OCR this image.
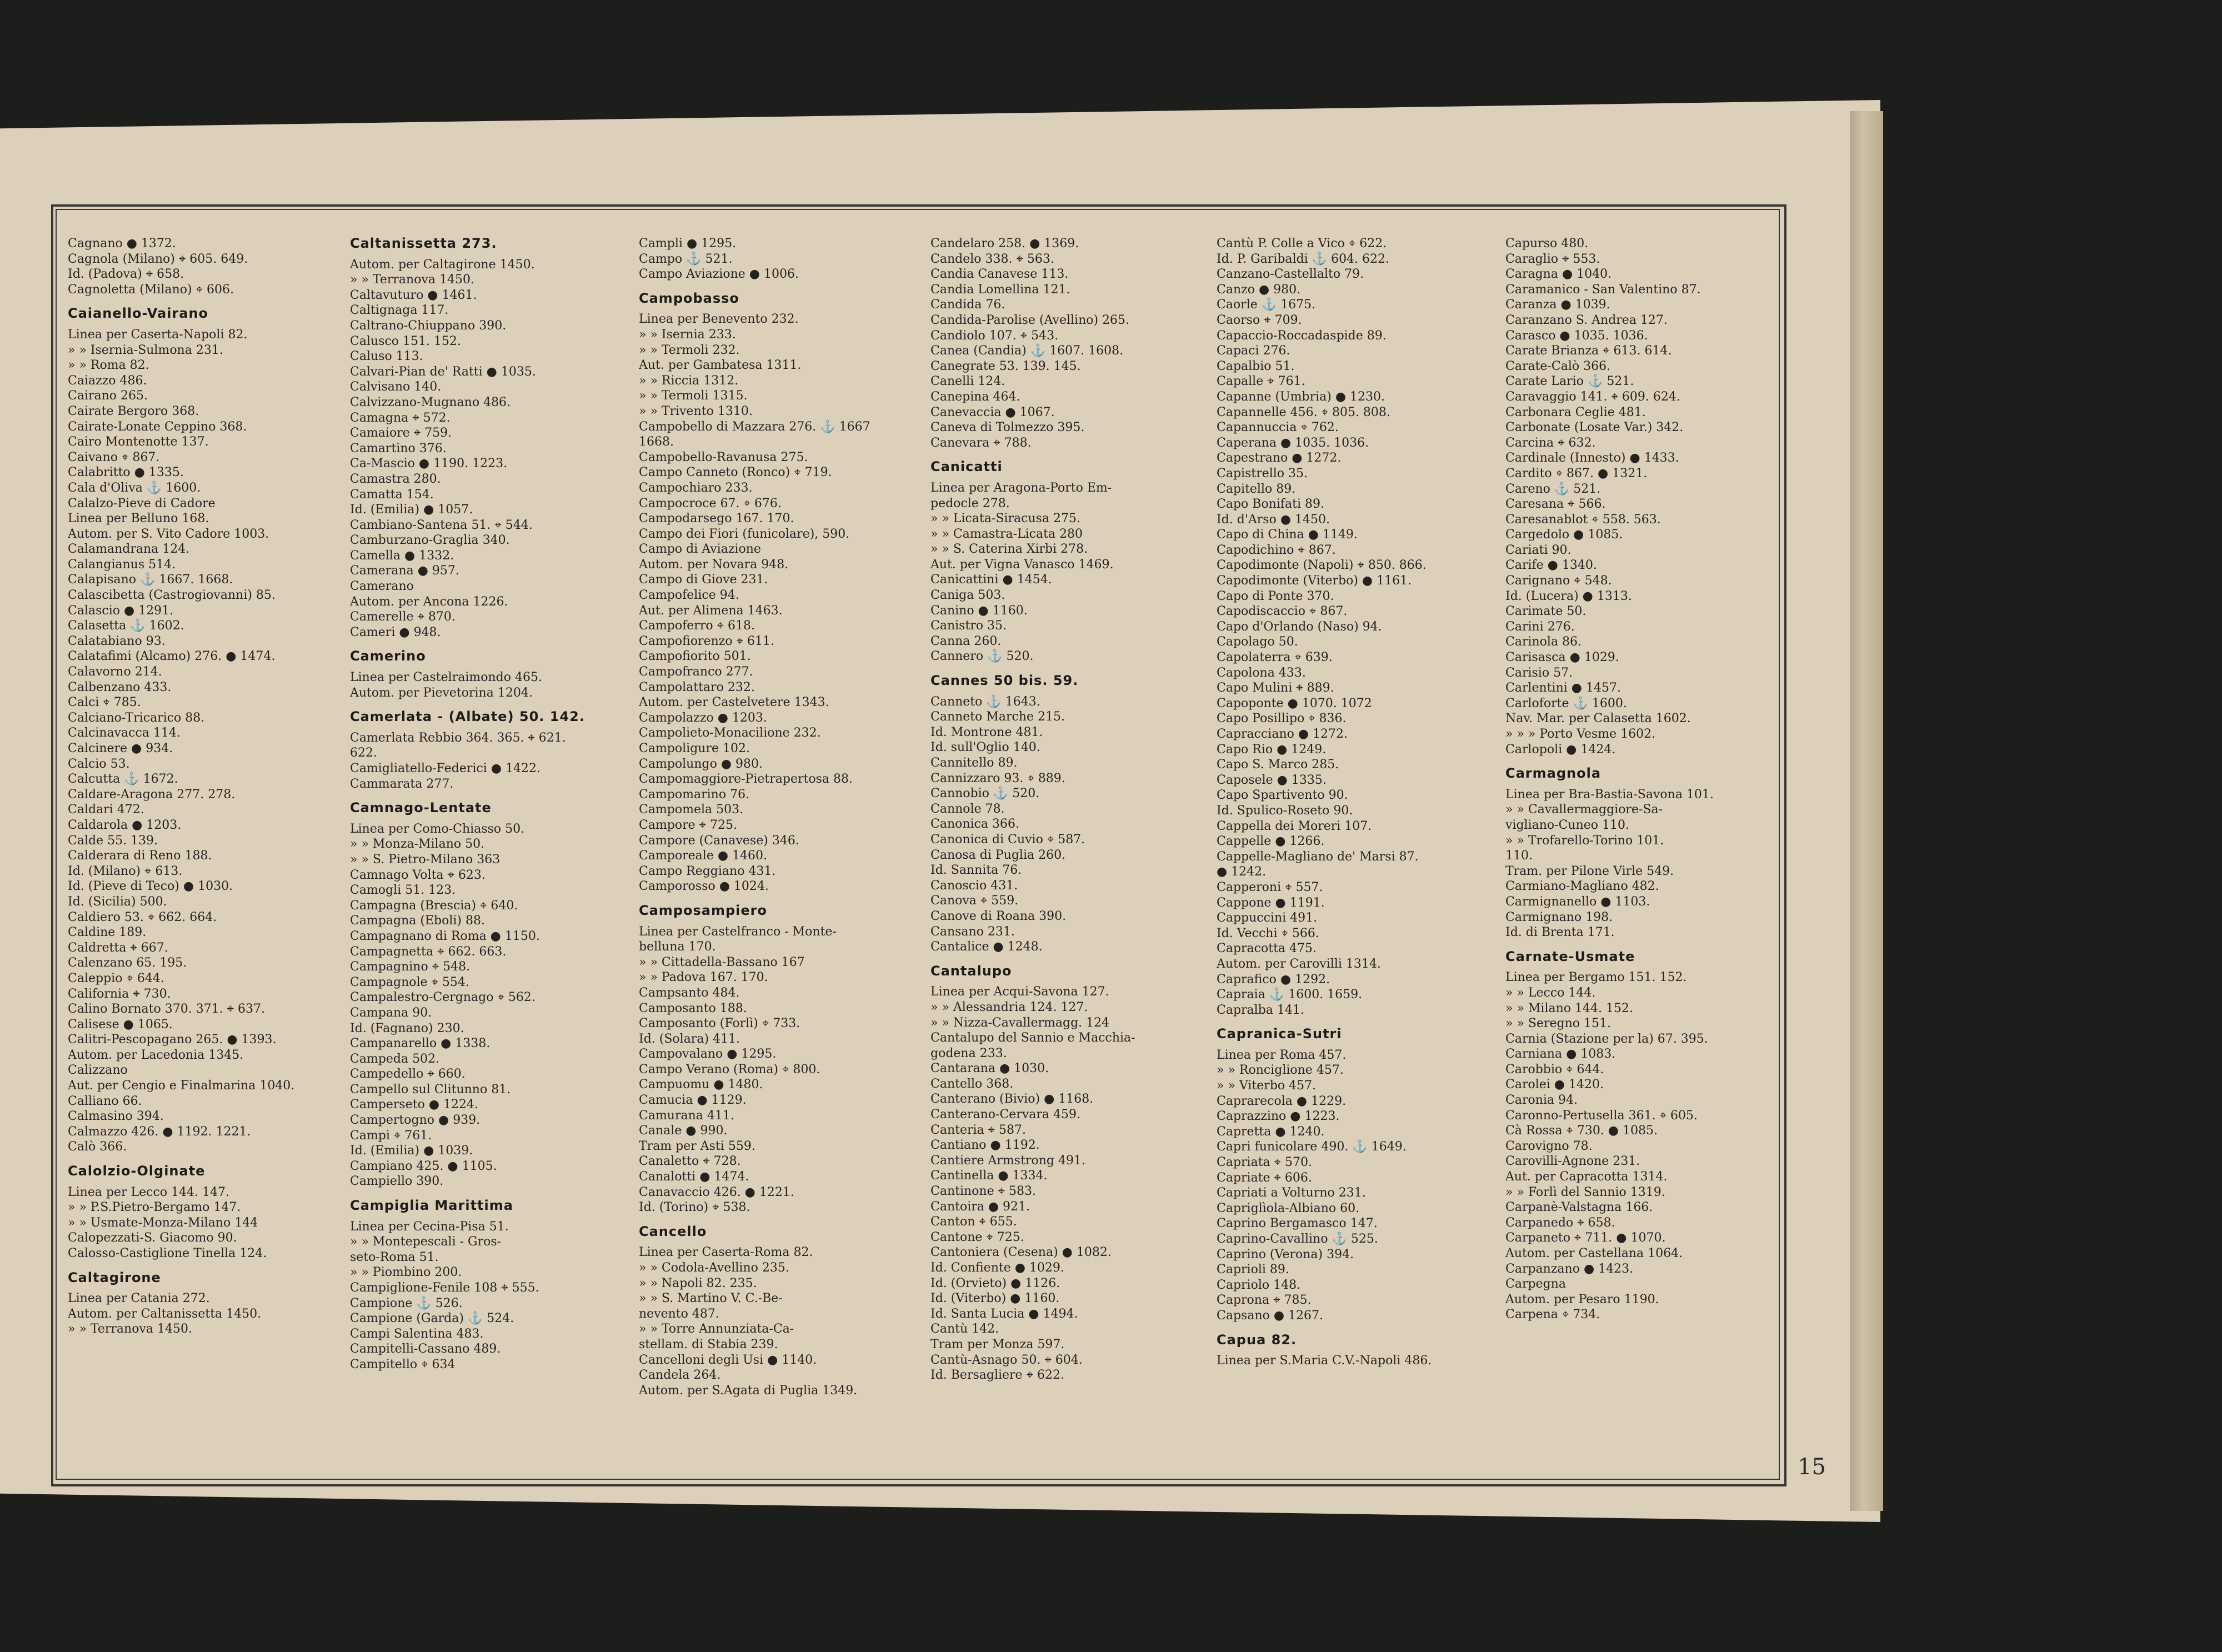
Cagnano ● 1372.
Cagnola (Milano) ⌖ 605. 649.
Id. (Padova) ⌖ 658.
Cagnoletta (Milano) ⌖ 606.
Caianello-Vairano
Linea per Caserta-Napoli 82.
» » Isernia-Sulmona 231.
» » Roma 82.
Caiazzo 486.
Cairano 265.
Cairate Bergoro 368.
Cairate-Lonate Ceppino 368.
Cairo Montenotte 137.
Caivano ⌖ 867.
Calabritto ● 1335.
Cala d'Oliva ⚓ 1600.
Calalzo-Pieve di Cadore
Linea per Belluno 168.
Autom. per S. Vito Cadore 1003.
Calamandrana 124.
Calangianus 514.
Calapisano ⚓ 1667. 1668.
Calascibetta (Castrogiovanni) 85.
Calascio ● 1291.
Calasetta ⚓ 1602.
Calatabiano 93.
Calatafimi (Alcamo) 276. ● 1474.
Calavorno 214.
Calbenzano 433.
Calci ⌖ 785.
Calciano-Tricarico 88.
Calcinavacca 114.
Calcinere ● 934.
Calcio 53.
Calcutta ⚓ 1672.
Caldare-Aragona 277. 278.
Caldari 472.
Caldarola ● 1203.
Calde 55. 139.
Calderara di Reno 188.
Id. (Milano) ⌖ 613.
Id. (Pieve di Teco) ● 1030.
Id. (Sicilia) 500.
Caldiero 53. ⌖ 662. 664.
Caldine 189.
Caldretta ⌖ 667.
Calenzano 65. 195.
Caleppio ⌖ 644.
California ⌖ 730.
Calino Bornato 370. 371. ⌖ 637.
Calisese ● 1065.
Calitri-Pescopagano 265. ● 1393.
Autom. per Lacedonia 1345.
Calizzano
Aut. per Cengio e Finalmarina 1040.
Calliano 66.
Calmasino 394.
Calmazzo 426. ● 1192. 1221.
Calò 366.
Calolzio-Olginate
Linea per Lecco 144. 147.
» » P.S.Pietro-Bergamo 147.
» » Usmate-Monza-Milano 144
Calopezzati-S. Giacomo 90.
Calosso-Castiglione Tinella 124.
Caltagirone
Linea per Catania 272.
Autom. per Caltanissetta 1450.
» » Terranova 1450.
Caltanissetta 273.
Autom. per Caltagirone 1450.
» » Terranova 1450.
Caltavuturo ● 1461.
Caltignaga 117.
Caltrano-Chiuppano 390.
Calusco 151. 152.
Caluso 113.
Calvari-Pian de' Ratti ● 1035.
Calvisano 140.
Calvizzano-Mugnano 486.
Camagna ⌖ 572.
Camaiore ⌖ 759.
Camartino 376.
Ca-Mascio ● 1190. 1223.
Camastra 280.
Camatta 154.
Id. (Emilia) ● 1057.
Cambiano-Santena 51. ⌖ 544.
Camburzano-Graglia 340.
Camella ● 1332.
Camerana ● 957.
Camerano
Autom. per Ancona 1226.
Camerelle ⌖ 870.
Cameri ● 948.
Camerino
Linea per Castelraimondo 465.
Autom. per Pievetorina 1204.
Camerlata - (Albate) 50. 142.
Camerlata Rebbio 364. 365. ⌖ 621.
622.
Camigliatello-Federici ● 1422.
Cammarata 277.
Camnago-Lentate
Linea per Como-Chiasso 50.
» » Monza-Milano 50.
» » S. Pietro-Milano 363
Camnago Volta ⌖ 623.
Camogli 51. 123.
Campagna (Brescia) ⌖ 640.
Campagna (Eboli) 88.
Campagnano di Roma ● 1150.
Campagnetta ⌖ 662. 663.
Campagnino ⌖ 548.
Campagnole ⌖ 554.
Campalestro-Cergnago ⌖ 562.
Campana 90.
Id. (Fagnano) 230.
Campanarello ● 1338.
Campeda 502.
Campedello ⌖ 660.
Campello sul Clitunno 81.
Camperseto ● 1224.
Campertogno ● 939.
Campi ⌖ 761.
Id. (Emilia) ● 1039.
Campiano 425. ● 1105.
Campiello 390.
Campiglia Marittima
Linea per Cecina-Pisa 51.
» » Montepescali - Gros-
seto-Roma 51.
» » Piombino 200.
Campiglione-Fenile 108 ⌖ 555.
Campione ⚓ 526.
Campione (Garda) ⚓ 524.
Campi Salentina 483.
Campitelli-Cassano 489.
Campitello ⌖ 634
Campli ● 1295.
Campo ⚓ 521.
Campo Aviazione ● 1006.
Campobasso
Linea per Benevento 232.
» » Isernia 233.
» » Termoli 232.
Aut. per Gambatesa 1311.
» » Riccia 1312.
» » Termoli 1315.
» » Trivento 1310.
Campobello di Mazzara 276. ⚓ 1667
1668.
Campobello-Ravanusa 275.
Campo Canneto (Ronco) ⌖ 719.
Campochiaro 233.
Campocroce 67. ⌖ 676.
Campodarsego 167. 170.
Campo dei Fiori (funicolare), 590.
Campo di Aviazione
Autom. per Novara 948.
Campo di Giove 231.
Campofelice 94.
Aut. per Alimena 1463.
Campoferro ⌖ 618.
Campofiorenzo ⌖ 611.
Campofiorito 501.
Campofranco 277.
Campolattaro 232.
Autom. per Castelvetere 1343.
Campolazzo ● 1203.
Campolieto-Monacilione 232.
Campoligure 102.
Campolungo ● 980.
Campomaggiore-Pietrapertosa 88.
Campomarino 76.
Campomela 503.
Campore ⌖ 725.
Campore (Canavese) 346.
Camporeale ● 1460.
Campo Reggiano 431.
Camporosso ● 1024.
Camposampiero
Linea per Castelfranco - Monte-
belluna 170.
» » Cittadella-Bassano 167
» » Padova 167. 170.
Campsanto 484.
Camposanto 188.
Camposanto (Forlì) ⌖ 733.
Id. (Solara) 411.
Campovalano ● 1295.
Campo Verano (Roma) ⌖ 800.
Campuomu ● 1480.
Camucia ● 1129.
Camurana 411.
Canale ● 990.
Tram per Asti 559.
Canaletto ⌖ 728.
Canalotti ● 1474.
Canavaccio 426. ● 1221.
Id. (Torino) ⌖ 538.
Cancello
Linea per Caserta-Roma 82.
» » Codola-Avellino 235.
» » Napoli 82. 235.
» » S. Martino V. C.-Be-
nevento 487.
» » Torre Annunziata-Ca-
stellam. di Stabia 239.
Cancelloni degli Usi ● 1140.
Candela 264.
Autom. per S.Agata di Puglia 1349.
Candelaro 258. ● 1369.
Candelo 338. ⌖ 563.
Candia Canavese 113.
Candia Lomellina 121.
Candida 76.
Candida-Parolise (Avellino) 265.
Candiolo 107. ⌖ 543.
Canea (Candia) ⚓ 1607. 1608.
Canegrate 53. 139. 145.
Canelli 124.
Canepina 464.
Canevaccia ● 1067.
Caneva di Tolmezzo 395.
Canevara ⌖ 788.
Canicatti
Linea per Aragona-Porto Em-
pedocle 278.
» » Licata-Siracusa 275.
» » Camastra-Licata 280
» » S. Caterina Xirbi 278.
Aut. per Vigna Vanasco 1469.
Canicattini ● 1454.
Caniga 503.
Canino ● 1160.
Canistro 35.
Canna 260.
Cannero ⚓ 520.
Cannes 50 bis. 59.
Canneto ⚓ 1643.
Canneto Marche 215.
Id. Montrone 481.
Id. sull'Oglio 140.
Cannitello 89.
Cannizzaro 93. ⌖ 889.
Cannobio ⚓ 520.
Cannole 78.
Canonica 366.
Canonica di Cuvio ⌖ 587.
Canosa di Puglia 260.
Id. Sannita 76.
Canoscio 431.
Canova ⌖ 559.
Canove di Roana 390.
Cansano 231.
Cantalice ● 1248.
Cantalupo
Linea per Acqui-Savona 127.
» » Alessandria 124. 127.
» » Nizza-Cavallermagg. 124
Cantalupo del Sannio e Macchia-
godena 233.
Cantarana ● 1030.
Cantello 368.
Canterano (Bivio) ● 1168.
Canterano-Cervara 459.
Canteria ⌖ 587.
Cantiano ● 1192.
Cantiere Armstrong 491.
Cantinella ● 1334.
Cantinone ⌖ 583.
Cantoira ● 921.
Canton ⌖ 655.
Cantone ⌖ 725.
Cantoniera (Cesena) ● 1082.
Id. Confiente ● 1029.
Id. (Orvieto) ● 1126.
Id. (Viterbo) ● 1160.
Id. Santa Lucia ● 1494.
Cantù 142.
Tram per Monza 597.
Cantù-Asnago 50. ⌖ 604.
Id. Bersagliere ⌖ 622.
Cantù P. Colle a Vico ⌖ 622.
Id. P. Garibaldi ⚓ 604. 622.
Canzano-Castellalto 79.
Canzo ● 980.
Caorle ⚓ 1675.
Caorso ⌖ 709.
Capaccio-Roccadaspide 89.
Capaci 276.
Capalbio 51.
Capalle ⌖ 761.
Capanne (Umbria) ● 1230.
Capannelle 456. ⌖ 805. 808.
Capannuccia ⌖ 762.
Caperana ● 1035. 1036.
Capestrano ● 1272.
Capistrello 35.
Capitello 89.
Capo Bonifati 89.
Id. d'Arso ● 1450.
Capo di China ● 1149.
Capodichino ⌖ 867.
Capodimonte (Napoli) ⌖ 850. 866.
Capodimonte (Viterbo) ● 1161.
Capo di Ponte 370.
Capodiscaccio ⌖ 867.
Capo d'Orlando (Naso) 94.
Capolago 50.
Capolaterra ⌖ 639.
Capolona 433.
Capo Mulini ⌖ 889.
Capoponte ● 1070. 1072
Capo Posillipo ⌖ 836.
Capracciano ● 1272.
Capo Rio ● 1249.
Capo S. Marco 285.
Caposele ● 1335.
Capo Spartivento 90.
Id. Spulico-Roseto 90.
Cappella dei Moreri 107.
Cappelle ● 1266.
Cappelle-Magliano de' Marsi 87.
● 1242.
Capperoni ⌖ 557.
Cappone ● 1191.
Cappuccini 491.
Id. Vecchi ⌖ 566.
Capracotta 475.
Autom. per Carovilli 1314.
Caprafico ● 1292.
Capraia ⚓ 1600. 1659.
Capralba 141.
Capranica-Sutri
Linea per Roma 457.
» » Ronciglione 457.
» » Viterbo 457.
Caprarecola ● 1229.
Caprazzino ● 1223.
Capretta ● 1240.
Capri funicolare 490. ⚓ 1649.
Capriata ⌖ 570.
Capriate ⌖ 606.
Capriati a Volturno 231.
Capriglìola-Albiano 60.
Caprino Bergamasco 147.
Caprino-Cavallino ⚓ 525.
Caprino (Verona) 394.
Caprioli 89.
Capriolo 148.
Caprona ⌖ 785.
Capsano ● 1267.
Capua 82.
Linea per S.Maria C.V.-Napoli 486.
Capurso 480.
Caraglio ⌖ 553.
Caragna ● 1040.
Caramanico - San Valentino 87.
Caranza ● 1039.
Caranzano S. Andrea 127.
Carasco ● 1035. 1036.
Carate Brianza ⌖ 613. 614.
Carate-Calò 366.
Carate Lario ⚓ 521.
Caravaggio 141. ⌖ 609. 624.
Carbonara Ceglie 481.
Carbonate (Losate Var.) 342.
Carcina ⌖ 632.
Cardinale (Innesto) ● 1433.
Cardito ⌖ 867. ● 1321.
Careno ⚓ 521.
Caresana ⌖ 566.
Caresanablot ⌖ 558. 563.
Cargedolo ● 1085.
Cariati 90.
Carife ● 1340.
Carignano ⌖ 548.
Id. (Lucera) ● 1313.
Carimate 50.
Carini 276.
Carinola 86.
Carisasca ● 1029.
Carisio 57.
Carlentini ● 1457.
Carloforte ⚓ 1600.
Nav. Mar. per Calasetta 1602.
» » » Porto Vesme 1602.
Carlopoli ● 1424.
Carmagnola
Linea per Bra-Bastia-Savona 101.
» » Cavallermaggiore-Sa-
vigliano-Cuneo 110.
» » Trofarello-Torino 101.
110.
Tram. per Pilone Virle 549.
Carmiano-Magliano 482.
Carmignanello ● 1103.
Carmignano 198.
Id. di Brenta 171.
Carnate-Usmate
Linea per Bergamo 151. 152.
» » Lecco 144.
» » Milano 144. 152.
» » Seregno 151.
Carnia (Stazione per la) 67. 395.
Carniana ● 1083.
Carobbio ⌖ 644.
Carolei ● 1420.
Caronia 94.
Caronno-Pertusella 361. ⌖ 605.
Cà Rossa ⌖ 730. ● 1085.
Carovigno 78.
Carovilli-Agnone 231.
Aut. per Capracotta 1314.
» » Forlì del Sannio 1319.
Carpanè-Valstagna 166.
Carpanedo ⌖ 658.
Carpaneto ⌖ 711. ● 1070.
Autom. per Castellana 1064.
Carpanzano ● 1423.
Carpegna
Autom. per Pesaro 1190.
Carpena ⌖ 734.
15
